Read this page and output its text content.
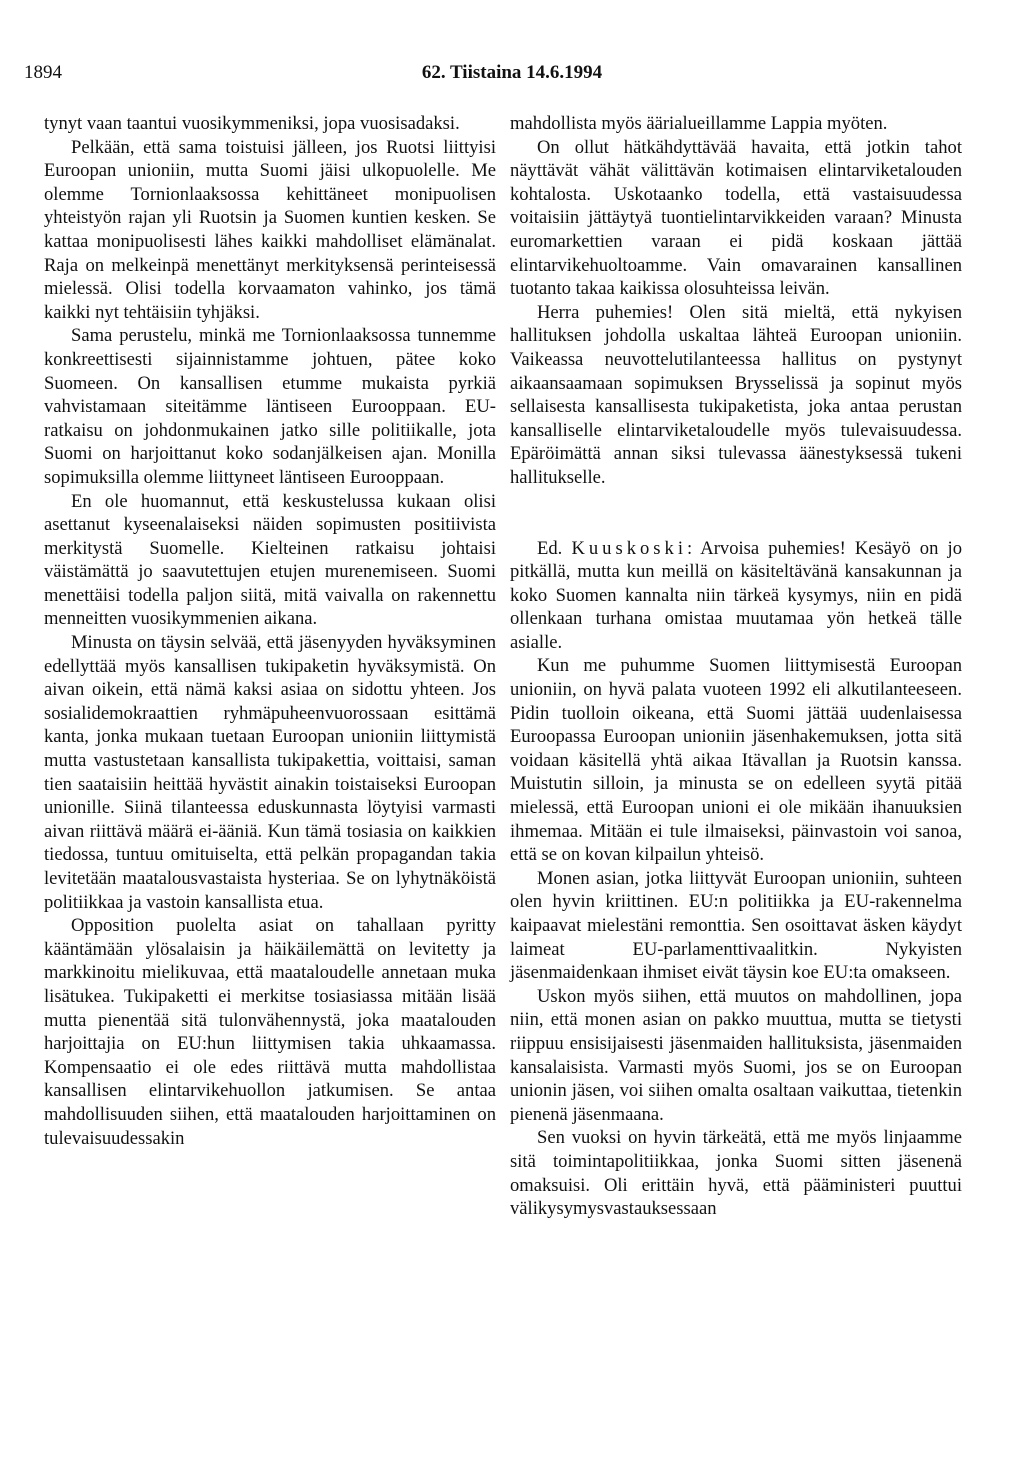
1894	62. Tiistaina 14.6.1994

tynyt vaan taantui vuosikymmeniksi, jopa vuosisadaksi.

Pelkään, että sama toistuisi jälleen, jos Ruotsi liittyisi Euroopan unioniin, mutta Suomi jäisi ulkopuolelle. Me olemme Tornionlaaksossa kehittäneet monipuolisen yhteistyön rajan yli Ruotsin ja Suomen kuntien kesken. Se kattaa monipuolisesti lähes kaikki mahdolliset elämänalat. Raja on melkeinpä menettänyt merkityksensä perinteisessä mielessä. Olisi todella korvaamaton vahinko, jos tämä kaikki nyt tehtäisiin tyhjäksi.

Sama perustelu, minkä me Tornionlaaksossa tunnemme konkreettisesti sijainnistamme johtuen, pätee koko Suomeen. On kansallisen etumme mukaista pyrkiä vahvistamaan siteitämme läntiseen Eurooppaan. EU-ratkaisu on johdonmukainen jatko sille politiikalle, jota Suomi on harjoittanut koko sodanjälkeisen ajan. Monilla sopimuksilla olemme liittyneet läntiseen Eurooppaan.

En ole huomannut, että keskustelussa kukaan olisi asettanut kyseenalaiseksi näiden sopimusten positiivista merkitystä Suomelle. Kielteinen ratkaisu johtaisi väistämättä jo saavutettujen etujen murenemiseen. Suomi menettäisi todella paljon siitä, mitä vaivalla on rakennettu menneitten vuosikymmenien aikana.

Minusta on täysin selvää, että jäsenyyden hyväksyminen edellyttää myös kansallisen tukipaketin hyväksymistä. On aivan oikein, että nämä kaksi asiaa on sidottu yhteen. Jos sosialidemokraattien ryhmäpuheenvuorossaan esittämä kanta, jonka mukaan tuetaan Euroopan unioniin liittymistä mutta vastustetaan kansallista tukipakettia, voittaisi, saman tien saataisiin heittää hyvästit ainakin toistaiseksi Euroopan unionille. Siinä tilanteessa eduskunnasta löytyisi varmasti aivan riittävä määrä ei-ääniä. Kun tämä tosiasia on kaikkien tiedossa, tuntuu omituiselta, että pelkän propagandan takia levitetään maatalousvastaista hysteriaa. Se on lyhytnäköistä politiikkaa ja vastoin kansallista etua.

Opposition puolelta asiat on tahallaan pyritty kääntämään ylösalaisin ja häikäilemättä on levitetty ja markkinoitu mielikuvaa, että maataloudelle annetaan muka lisätukea. Tukipaketti ei merkitse tosiasiassa mitään lisää mutta pienentää sitä tulonvähennystä, joka maatalouden harjoittajia on EU:hun liittymisen takia uhkaamassa. Kompensaatio ei ole edes riittävä mutta mahdollistaa kansallisen elintarvikehuollon jatkumisen. Se antaa mahdollisuuden siihen, että maatalouden harjoittaminen on tulevaisuudessakin

mahdollista myös äärialueillamme Lappia myöten.

On ollut hätkähdyttävää havaita, että jotkin tahot näyttävät vähät välittävän kotimaisen elintarviketalouden kohtalosta. Uskotaanko todella, että vastaisuudessa voitaisiin jättäytyä tuontielintarvikkeiden varaan? Minusta euromarkettien varaan ei pidä koskaan jättää elintarvikehuoltoamme. Vain omavarainen kansallinen tuotanto takaa kaikissa olosuhteissa leivän.

Herra puhemies! Olen sitä mieltä, että nykyisen hallituksen johdolla uskaltaa lähteä Euroopan unioniin. Vaikeassa neuvottelutilanteessa hallitus on pystynyt aikaansaamaan sopimuksen Brysselissä ja sopinut myös sellaisesta kansallisesta tukipaketista, joka antaa perustan kansalliselle elintarviketaloudelle myös tulevaisuudessa. Epäröimättä annan siksi tulevassa äänestyksessä tukeni hallitukselle.

Ed. Kuuskoski: Arvoisa puhemies! Kesäyö on jo pitkällä, mutta kun meillä on käsiteltävänä kansakunnan ja koko Suomen kannalta niin tärkeä kysymys, niin en pidä ollenkaan turhana omistaa muutamaa yön hetkeä tälle asialle.

Kun me puhumme Suomen liittymisestä Euroopan unioniin, on hyvä palata vuoteen 1992 eli alkutilanteeseen. Pidin tuolloin oikeana, että Suomi jättää uudenlaisessa Euroopassa Euroopan unioniin jäsenhakemuksen, jotta sitä voidaan käsitellä yhtä aikaa Itävallan ja Ruotsin kanssa. Muistutin silloin, ja minusta se on edelleen syytä pitää mielessä, että Euroopan unioni ei ole mikään ihanuuksien ihmemaa. Mitään ei tule ilmaiseksi, päinvastoin voi sanoa, että se on kovan kilpailun yhteisö.

Monen asian, jotka liittyvät Euroopan unioniin, suhteen olen hyvin kriittinen. EU:n politiikka ja EU-rakennelma kaipaavat mielestäni remonttia. Sen osoittavat äsken käydyt laimeat EU-parlamenttivaalitkin. Nykyisten jäsenmaidenkaan ihmiset eivät täysin koe EU:ta omakseen.

Uskon myös siihen, että muutos on mahdollinen, jopa niin, että monen asian on pakko muuttua, mutta se tietysti riippuu ensisijaisesti jäsenmaiden hallituksista, jäsenmaiden kansalaisista. Varmasti myös Suomi, jos se on Euroopan unionin jäsen, voi siihen omalta osaltaan vaikuttaa, tietenkin pienenä jäsenmaana.

Sen vuoksi on hyvin tärkeätä, että me myös linjaamme sitä toimintapolitiikkaa, jonka Suomi sitten jäsenenä omaksuisi. Oli erittäin hyvä, että pääministeri puuttui välikysymysvastauksessaan
